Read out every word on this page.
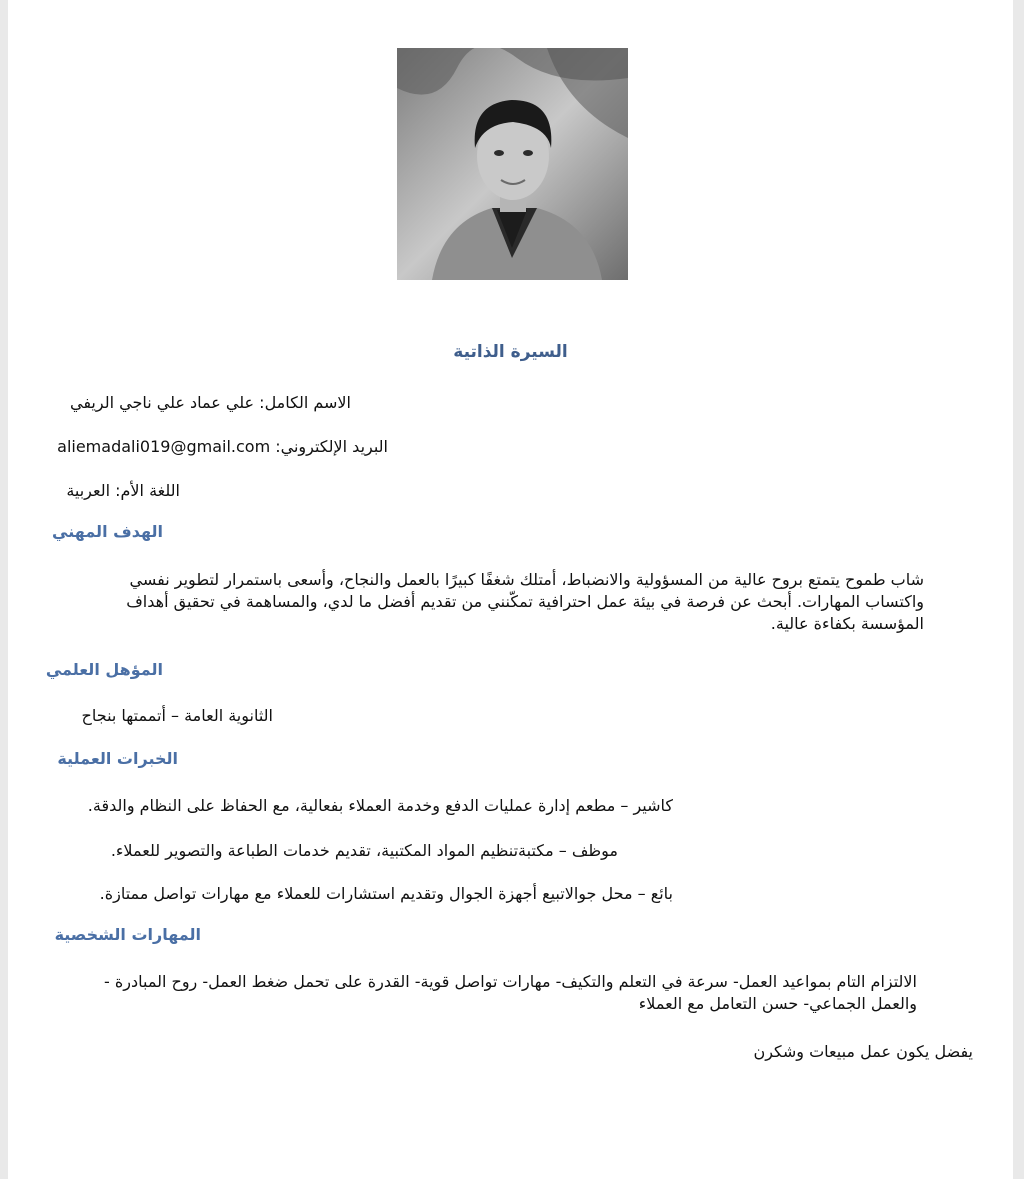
السيرة الذاتية
الاسم الكامل: علي عماد علي ناجي الريفي
البريد الإلكتروني: aliemadali019@gmail.com
اللغة الأم: العربية
الهدف المهني
شاب طموح يتمتع بروح عالية من المسؤولية والانضباط، أمتلك شغفًا كبيرًا بالعمل والنجاح، وأسعى باستمرار لتطوير نفسي
واكتساب المهارات. أبحث عن فرصة في بيئة عمل احترافية تمكّنني من تقديم أفضل ما لدي، والمساهمة في تحقيق أهداف
المؤسسة بكفاءة عالية.
المؤهل العلمي
الثانوية العامة – أتممتها بنجاح
الخبرات العملية
كاشير – مطعم إدارة عمليات الدفع وخدمة العملاء بفعالية، مع الحفاظ على النظام والدقة.
موظف – مكتبةتنظيم المواد المكتبية، تقديم خدمات الطباعة والتصوير للعملاء.
بائع – محل جوالاتبيع أجهزة الجوال وتقديم استشارات للعملاء مع مهارات تواصل ممتازة.
المهارات الشخصية
الالتزام التام بمواعيد العمل- سرعة في التعلم والتكيف- مهارات تواصل قوية- القدرة على تحمل ضغط العمل- روح المبادرة -
والعمل الجماعي- حسن التعامل مع العملاء
يفضل يكون عمل مبيعات وشكرن
